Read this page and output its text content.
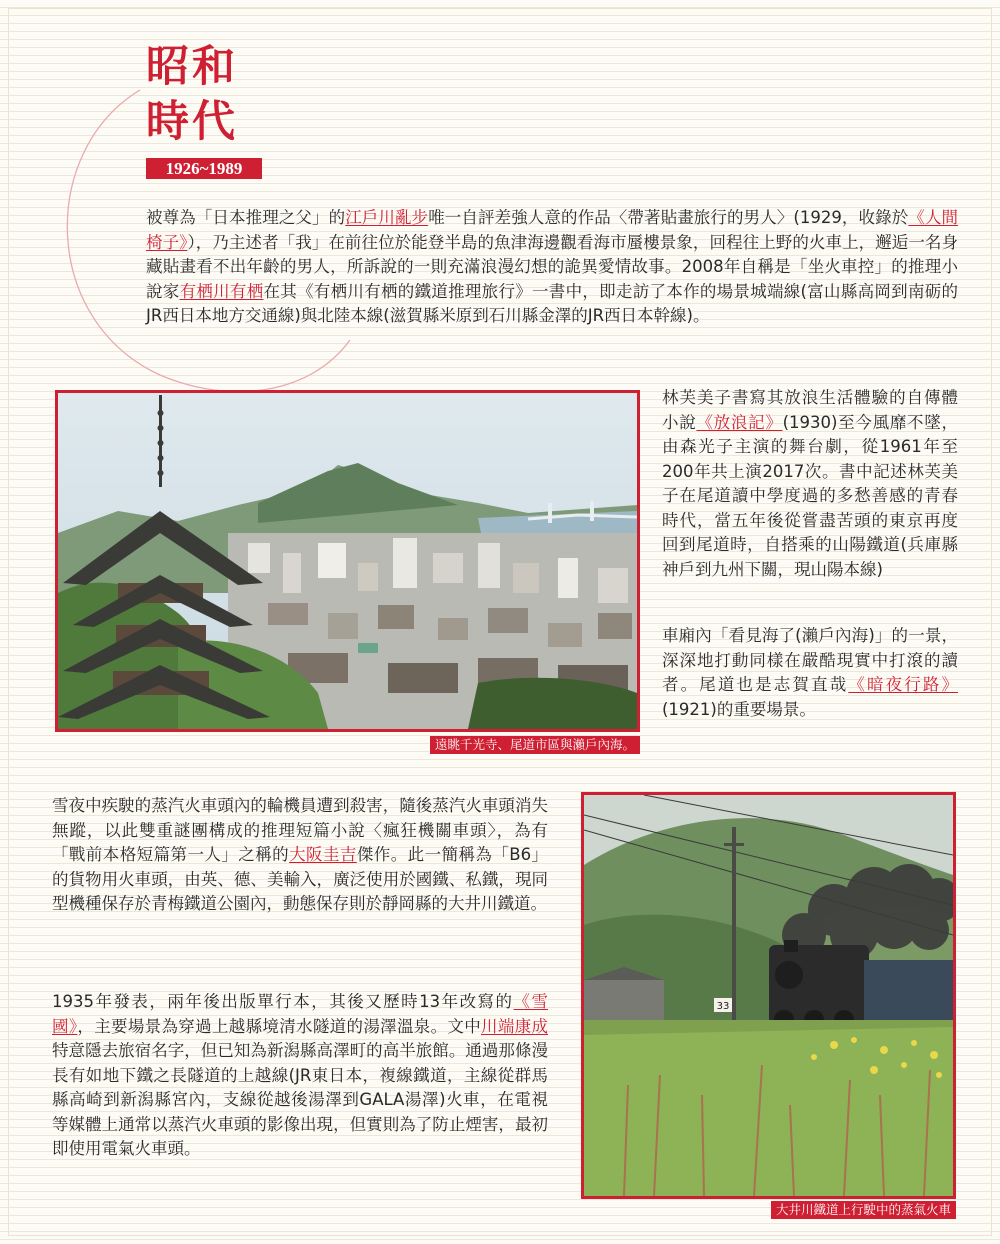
昭和
時代
1926~1989

被尊為「日本推理之父」的江戶川亂步唯一自評差強人意的作品〈帶著貼畫旅行的男人〉(1929，收錄於《人間椅子》），乃主述者「我」在前往位於能登半島的魚津海邊觀看海市蜃樓景象，回程往上野的火車上，邂逅一名身藏貼畫看不出年齡的男人，所訴說的一則充滿浪漫幻想的詭異愛情故事。2008年自稱是「坐火車控」的推理小說家有栖川有栖在其《有栖川有栖的鐵道推理旅行》一書中，即走訪了本作的場景城端線(富山縣高岡到南砺的JR西日本地方交通線)與北陸本線(滋賀縣米原到石川縣金澤的JR西日本幹線)。

遠眺千光寺、尾道市區與瀨戶內海。

林芙美子書寫其放浪生活體驗的自傳體小說《放浪記》(1930)至今風靡不墜，由森光子主演的舞台劇，從1961年至200年共上演2017次。書中記述林芙美子在尾道讀中學度過的多愁善感的青春時代，當五年後從嘗盡苦頭的東京再度回到尾道時，自搭乘的山陽鐵道(兵庫縣神戶到九州下關，現山陽本線)

車廂內「看見海了(瀨戶內海)」的一景，深深地打動同樣在嚴酷現實中打滾的讀者。尾道也是志賀直哉《暗夜行路》(1921)的重要場景。

雪夜中疾駛的蒸汽火車頭內的輪機員遭到殺害，隨後蒸汽火車頭消失無蹤，以此雙重謎團構成的推理短篇小說〈瘋狂機關車頭〉，為有「戰前本格短篇第一人」之稱的大阪圭吉傑作。此一簡稱為「B6」的貨物用火車頭，由英、德、美輸入，廣泛使用於國鐵、私鐵，現同型機種保存於青梅鐵道公園內，動態保存則於靜岡縣的大井川鐵道。

1935年發表，兩年後出版單行本，其後又歷時13年改寫的《雪國》，主要場景為穿過上越縣境清水隧道的湯澤溫泉。文中川端康成特意隱去旅宿名字，但已知為新潟縣高澤町的高半旅館。通過那條漫長有如地下鐵之長隧道的上越線(JR東日本，複線鐵道，主線從群馬縣高崎到新潟縣宮內，支線從越後湯澤到GALA湯澤)火車，在電視等媒體上通常以蒸汽火車頭的影像出現，但實則為了防止煙害，最初即使用電氣火車頭。

33
大井川鐵道上行駛中的蒸氣火車
